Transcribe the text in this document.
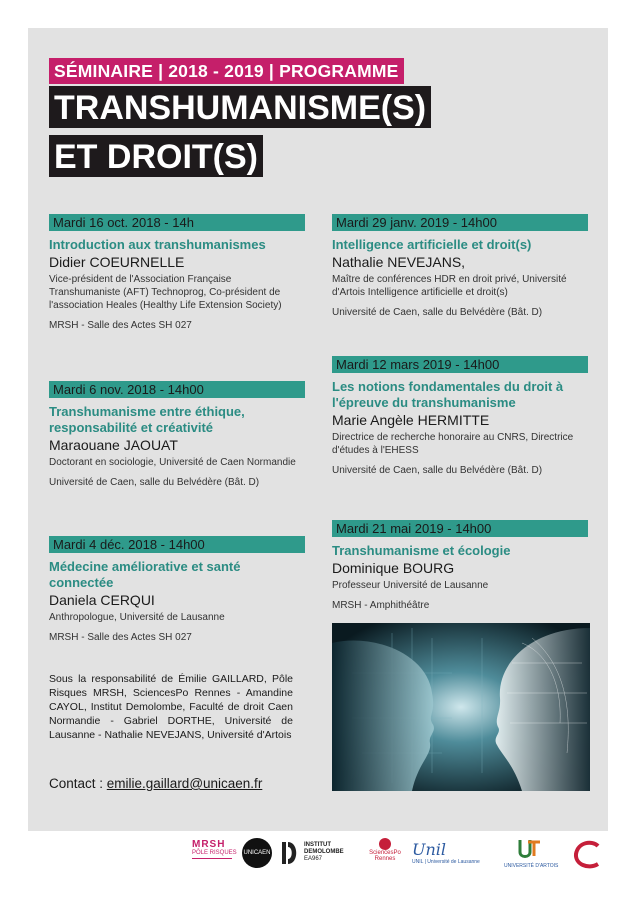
SÉMINAIRE | 2018 - 2019 | PROGRAMME
TRANSHUMANISME(S)
ET DROIT(S)
Mardi 16 oct. 2018 - 14h
Introduction aux transhumanismes
Didier COEURNELLE
Vice-président de l'Association Française Transhumaniste (AFT) Technoprog, Co-président de l'association Heales (Healthy Life Extension Society)
MRSH - Salle des Actes SH 027
Mardi 6 nov. 2018 - 14h00
Transhumanisme entre éthique, responsabilité et créativité
Maraouane JAOUAT
Doctorant en sociologie, Université de Caen Normandie
Université de Caen, salle du Belvédère (Bât. D)
Mardi 4 déc. 2018 - 14h00
Médecine améliorative et santé connectée
Daniela CERQUI
Anthropologue, Université de Lausanne
MRSH - Salle des Actes SH 027
Mardi 29 janv. 2019 - 14h00
Intelligence artificielle et droit(s)
Nathalie NEVEJANS,
Maître de conférences HDR en droit privé, Université d'Artois Intelligence artificielle et droit(s)
Université de Caen, salle du Belvédère (Bât. D)
Mardi 12 mars 2019 - 14h00
Les notions fondamentales du droit à l'épreuve du transhumanisme
Marie Angèle HERMITTE
Directrice de recherche honoraire au CNRS, Directrice d'études à l'EHESS
Université de Caen, salle du Belvédère (Bât. D)
Mardi 21 mai 2019 - 14h00
Transhumanisme et écologie
Dominique BOURG
Professeur Université de Lausanne
MRSH - Amphithéâtre
Sous la responsabilité de Émilie GAILLARD, Pôle Risques MRSH, SciencesPo Rennes - Amandine CAYOL, Institut Demolombe, Faculté de droit Caen Normandie - Gabriel DORTHE, Université de Lausanne - Nathalie NEVEJANS, Université d'Artois
Contact : emilie.gaillard@unicaen.fr
MRSH
PÔLE RISQUES UNICAEN
INSTITUT
DEMOLOMBE
EA967
SciencesPo
Rennes	Unil
UNIL | Université de Lausanne
UNIVERSITÉ D'ARTOIS
